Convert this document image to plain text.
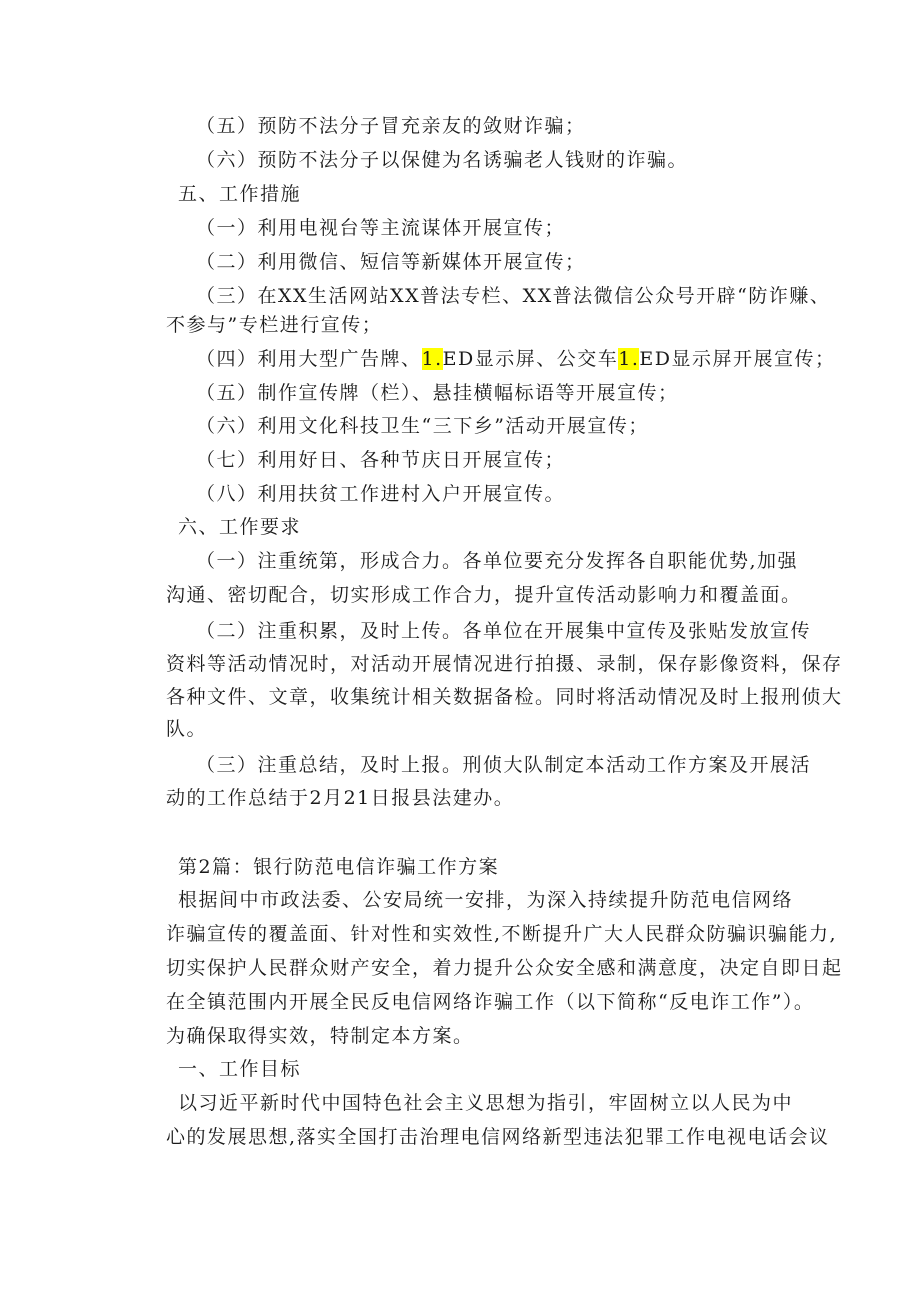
（五）预防不法分子冒充亲友的敛财诈骗；
（六）预防不法分子以保健为名诱骗老人钱财的诈骗。
五、工作措施
（一）利用电视台等主流谋体开展宣传；
（二）利用微信、短信等新媒体开展宣传；
（三）在XX生活网站XX普法专栏、XX普法微信公众号开辟“防诈赚、
不参与”专栏进行宣传；
（四）利用大型广告牌、1.ED显示屏、公交车1.ED显示屏开展宣传；
（五）制作宣传牌（栏）、悬挂横幅标语等开展宣传；
（六）利用文化科技卫生“三下乡”活动开展宣传；
（七）利用好日、各种节庆日开展宣传；
（八）利用扶贫工作进村入户开展宣传。
六、工作要求
（一）注重统第，形成合力。各单位要充分发挥各自职能优势,加强
沟通、密切配合，切实形成工作合力，提升宣传活动影响力和覆盖面。
（二）注重积累，及时上传。各单位在开展集中宣传及张贴发放宣传
资料等活动情况时，对活动开展情况进行拍摄、录制，保存影像资料，保存
各种文件、文章，收集统计相关数据备检。同时将活动情况及时上报刑侦大
队。
（三）注重总结，及时上报。刑侦大队制定本活动工作方案及开展活
动的工作总结于2月21日报县法建办。
第2篇：银行防范电信诈骗工作方案
根据间中市政法委、公安局统一安排，为深入持续提升防范电信网络
诈骗宣传的覆盖面、针对性和实效性,不断提升广大人民群众防骗识骗能力,
切实保护人民群众财产安全，着力提升公众安全感和满意度，决定自即日起
在全镇范围内开展全民反电信网络诈骗工作（以下简称“反电诈工作”）。
为确保取得实效，特制定本方案。
一、工作目标
以习近平新时代中国特色社会主义思想为指引，牢固树立以人民为中
心的发展思想,落实全国打击治理电信网络新型违法犯罪工作电视电话会议
